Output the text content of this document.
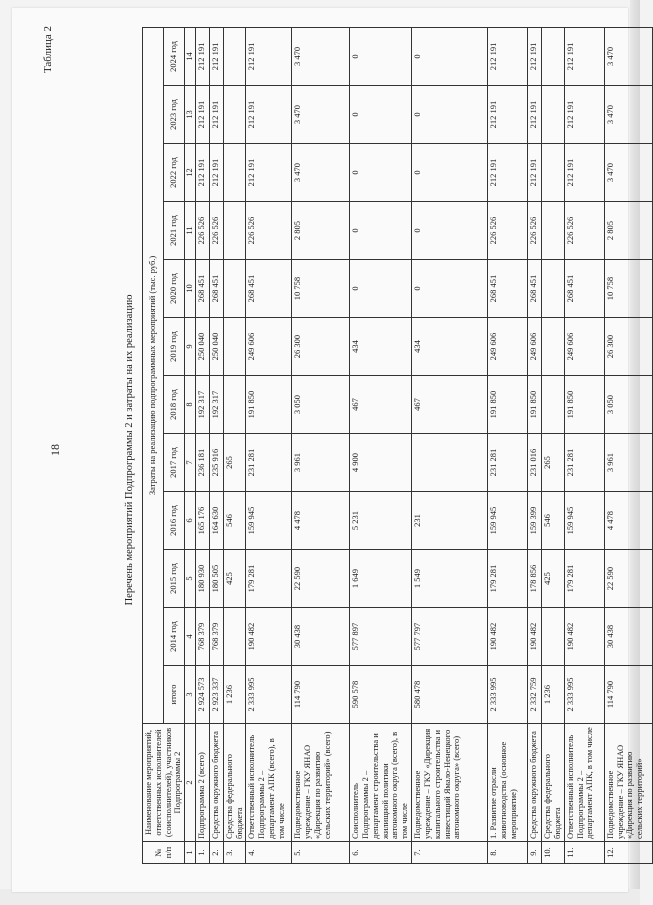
18
Таблица 2
Перечень мероприятий Подпрограммы 2 и затраты на их реализацию
№ п/п	Наименование мероприятий, ответственных исполнителей (соисполнителей), участников Подпрограммы 2	Затраты на реализацию подпрограммных мероприятий (тыс. руб.)											
		итого	2014 год	2015 год	2016 год	2017 год	2018 год	2019 год	2020 год	2021 год	2022 год	2023 год	2024 год
1	2	3	4	5	6	7	8	9	10	11	12	13	14
1.	Подпрограмма 2 (всего)	2 924 573	768 379	180 930	165 176	236 181	192 317	250 040	268 451	226 526	212 191	212 191	212 191
2.	Средства окружного бюджета	2 923 337	768 379	180 505	164 630	235 916	192 317	250 040	268 451	226 526	212 191	212 191	212 191
3.	Средства федерального бюджета	1 236		425	546	265							
4.	Ответственный исполнитель Подпрограммы 2 – департамент АПК (всего), в том числе	2 333 995	190 482	179 281	159 945	231 281	191 850	249 606	268 451	226 526	212 191	212 191	212 191
5.	Подведомственное учреждение – ГКУ ЯНАО «Дирекция по развитию сельских территорий» (всего)	114 790	30 438	22 590	4 478	3 961	3 050	26 300	10 758	2 805	3 470	3 470	3 470
6.	Соисполнитель Подпрограммы 2 – департамент строительства и жилищной политики автономного округа (всего), в том числе	590 578	577 897	1 649	5 231	4 900	467	434	0	0	0	0	0
7.	Подведомственное учреждение – ГКУ «Дирекция капитального строительства и инвестиций Ямало-Ненецкого автономного округа» (всего)	580 478	577 797	1 549	231		467	434	0	0	0	0	0
8.	1. Развитие отрасли животноводства (основное мероприятие)	2 333 995	190 482	179 281	159 945	231 281	191 850	249 606	268 451	226 526	212 191	212 191	212 191
9.	Средства окружного бюджета	2 332 759	190 482	178 856	159 399	231 016	191 850	249 606	268 451	226 526	212 191	212 191	212 191
10.	Средства федерального бюджета	1 236		425	546	265							
11.	Ответственный исполнитель Подпрограммы 2 – департамент АПК, в том числе	2 333 995	190 482	179 281	159 945	231 281	191 850	249 606	268 451	226 526	212 191	212 191	212 191
12.	Подведомственное учреждение – ГКУ ЯНАО «Дирекция по развитию сельских территорий»	114 790	30 438	22 590	4 478	3 961	3 050	26 300	10 758	2 805	3 470	3 470	3 470
